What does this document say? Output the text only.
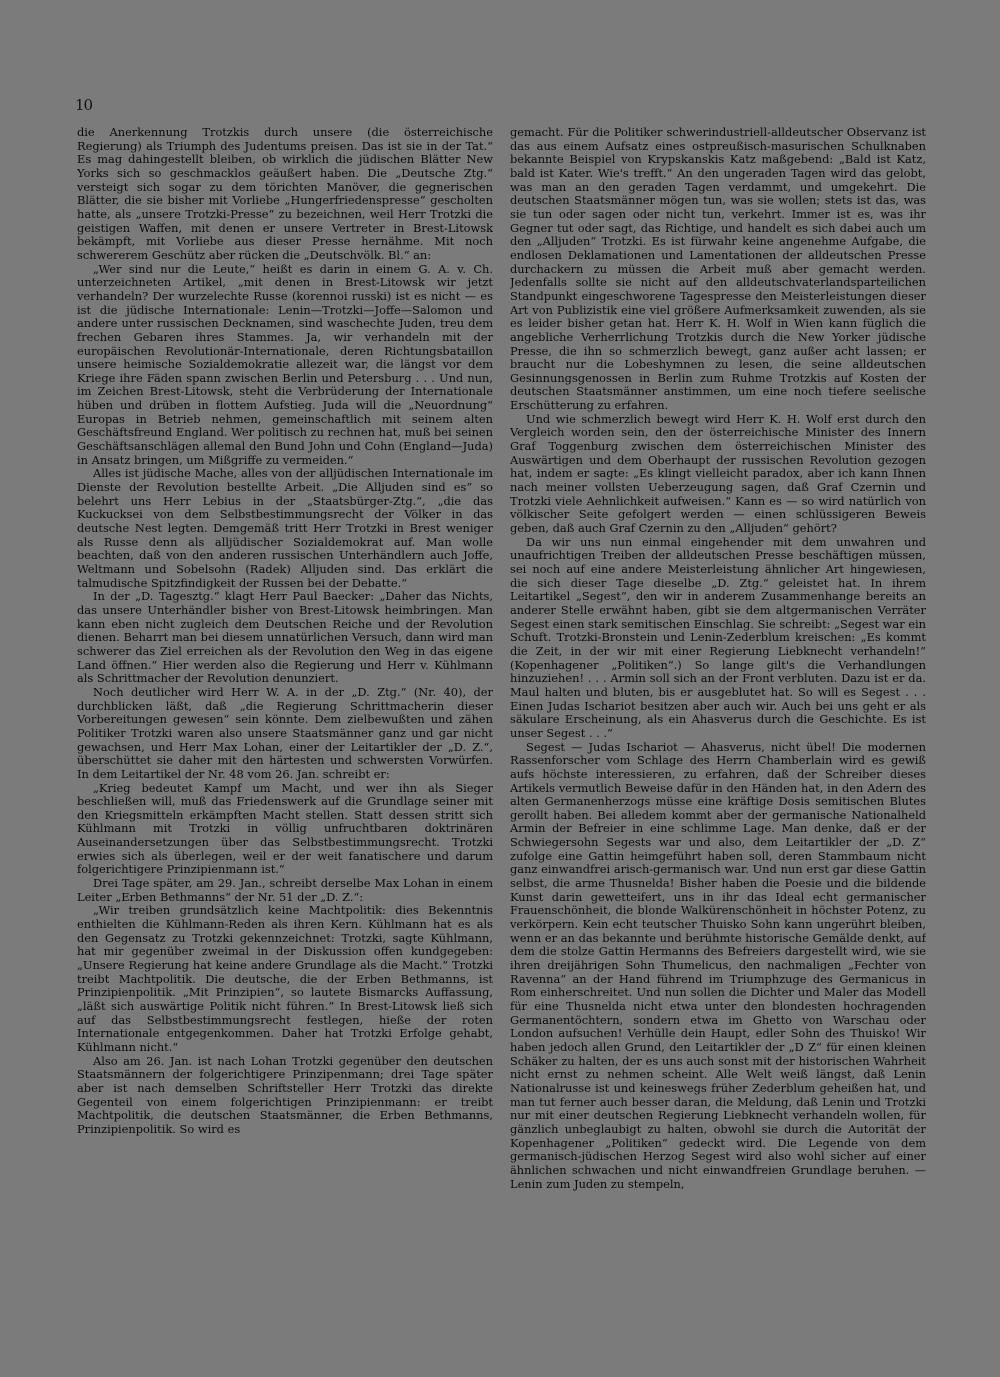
10

die Anerkennung Trotzkis durch unsere (die österreichische Regierung) als Triumph des Judentums preisen. Das ist sie in der Tat.“ Es mag dahingestellt bleiben, ob wirklich die jüdischen Blätter New Yorks sich so geschmacklos geäußert haben. Die „Deutsche Ztg.“ versteigt sich sogar zu dem törichten Manöver, die gegnerischen Blätter, die sie bisher mit Vorliebe „Hungerfriedenspresse“ gescholten hatte, als „unsere Trotzki-Presse“ zu bezeichnen, weil Herr Trotzki die geistigen Waffen, mit denen er unsere Vertreter in Brest-Litowsk bekämpft, mit Vorliebe aus dieser Presse hernähme. Mit noch schwererem Geschütz aber rücken die „Deutschvölk. Bl.“ an:

„Wer sind nur die Leute,“ heißt es darin in einem G. A. v. Ch. unterzeichneten Artikel, „mit denen in Brest-Litowsk wir jetzt verhandeln? Der wurzelechte Russe (korennoi russki) ist es nicht — es ist die jüdische Internationale: Lenin—Trotzki—Joffe—Salomon und andere unter russischen Decknamen, sind waschechte Juden, treu dem frechen Gebaren ihres Stammes. Ja, wir verhandeln mit der europäischen Revolutionär-Internationale, deren Richtungsbataillon unsere heimische Sozialdemokratie allezeit war, die längst vor dem Kriege ihre Fäden spann zwischen Berlin und Petersburg . . . Und nun, im Zeichen Brest-Litowsk, steht die Verbrüderung der Internationale hüben und drüben in flottem Aufstieg. Juda will die „Neuordnung“ Europas in Betrieb nehmen, gemeinschaftlich mit seinem alten Geschäftsfreund England. Wer politisch zu rechnen hat, muß bei seinen Geschäftsanschlägen allemal den Bund John und Cohn (England—Juda) in Ansatz bringen, um Mißgriffe zu vermeiden.“

Alles ist jüdische Mache, alles von der alljüdischen Internationale im Dienste der Revolution bestellte Arbeit. „Die Alljuden sind es“ so belehrt uns Herr Lebius in der „Staatsbürger-Ztg.“, „die das Kuckucksei von dem Selbstbestimmungsrecht der Völker in das deutsche Nest legten. Demgemäß tritt Herr Trotzki in Brest weniger als Russe denn als alljüdischer Sozialdemokrat auf. Man wolle beachten, daß von den anderen russischen Unterhändlern auch Joffe, Weltmann und Sobelsohn (Radek) Alljuden sind. Das erklärt die talmudische Spitzfindigkeit der Russen bei der Debatte.“

In der „D. Tagesztg.“ klagt Herr Paul Baecker: „Daher das Nichts, das unsere Unterhändler bisher von Brest-Litowsk heimbringen. Man kann eben nicht zugleich dem Deutschen Reiche und der Revolution dienen. Beharrt man bei diesem unnatürlichen Versuch, dann wird man schwerer das Ziel erreichen als der Revolution den Weg in das eigene Land öffnen.“ Hier werden also die Regierung und Herr v. Kühlmann als Schrittmacher der Revolution denunziert.

Noch deutlicher wird Herr W. A. in der „D. Ztg.“ (Nr. 40), der durchblicken läßt, daß „die Regierung Schrittmacherin dieser Vorbereitungen gewesen“ sein könnte. Dem zielbewußten und zähen Politiker Trotzki waren also unsere Staatsmänner ganz und gar nicht gewachsen, und Herr Max Lohan, einer der Leitartikler der „D. Z.“, überschüttet sie daher mit den härtesten und schwersten Vorwürfen. In dem Leitartikel der Nr. 48 vom 26. Jan. schreibt er:

„Krieg bedeutet Kampf um Macht, und wer ihn als Sieger beschließen will, muß das Friedenswerk auf die Grundlage seiner mit den Kriegsmitteln erkämpften Macht stellen. Statt dessen stritt sich Kühlmann mit Trotzki in völlig unfruchtbaren doktrinären Auseinandersetzungen über das Selbstbestimmungsrecht. Trotzki erwies sich als überlegen, weil er der weit fanatischere und darum folgerichtigere Prinzipienmann ist.“

Drei Tage später, am 29. Jan., schreibt derselbe Max Lohan in einem Leiter „Erben Bethmanns“ der Nr. 51 der „D. Z.“:

„Wir treiben grundsätzlich keine Machtpolitik: dies Bekenntnis enthielten die Kühlmann-Reden als ihren Kern. Kühlmann hat es als den Gegensatz zu Trotzki gekennzeichnet: Trotzki, sagte Kühlmann, hat mir gegenüber zweimal in der Diskussion offen kundgegeben: „Unsere Regierung hat keine andere Grundlage als die Macht.“ Trotzki treibt Machtpolitik. Die deutsche, die der Erben Bethmanns, ist Prinzipienpolitik. „Mit Prinzipien“, so lautete Bismarcks Auffassung, „läßt sich auswärtige Politik nicht führen.“ In Brest-Litowsk ließ sich auf das Selbstbestimmungsrecht festlegen, hieße der roten Internationale entgegenkommen. Daher hat Trotzki Erfolge gehabt, Kühlmann nicht.“

Also am 26. Jan. ist nach Lohan Trotzki gegenüber den deutschen Staatsmännern der folgerichtigere Prinzipenmann; drei Tage später aber ist nach demselben Schriftsteller Herr Trotzki das direkte Gegenteil von einem folgerichtigen Prinzipienmann: er treibt Machtpolitik, die deutschen Staatsmänner, die Erben Bethmanns, Prinzipienpolitik. So wird es

gemacht. Für die Politiker schwerindustriell-alldeutscher Observanz ist das aus einem Aufsatz eines ostpreußisch-masurischen Schulknaben bekannte Beispiel von Krypskanskis Katz maßgebend: „Bald ist Katz, bald ist Kater. Wie's trefft.“ An den ungeraden Tagen wird das gelobt, was man an den geraden Tagen verdammt, und umgekehrt. Die deutschen Staatsmänner mögen tun, was sie wollen; stets ist das, was sie tun oder sagen oder nicht tun, verkehrt. Immer ist es, was ihr Gegner tut oder sagt, das Richtige, und handelt es sich dabei auch um den „Alljuden“ Trotzki. Es ist fürwahr keine angenehme Aufgabe, die endlosen Deklamationen und Lamentationen der alldeutschen Presse durchackern zu müssen die Arbeit muß aber gemacht werden. Jedenfalls sollte sie nicht auf den alldeutschvaterlandsparteilichen Standpunkt eingeschworene Tagespresse den Meisterleistungen dieser Art von Publizistik eine viel größere Aufmerksamkeit zuwenden, als sie es leider bisher getan hat. Herr K. H. Wolf in Wien kann füglich die angebliche Verherrlichung Trotzkis durch die New Yorker jüdische Presse, die ihn so schmerzlich bewegt, ganz außer acht lassen; er braucht nur die Lobeshymnen zu lesen, die seine alldeutschen Gesinnungsgenossen in Berlin zum Ruhme Trotzkis auf Kosten der deutschen Staatsmänner anstimmen, um eine noch tiefere seelische Erschütterung zu erfahren.

Und wie schmerzlich bewegt wird Herr K. H. Wolf erst durch den Vergleich worden sein, den der österreichische Minister des Innern Graf Toggenburg zwischen dem österreichischen Minister des Auswärtigen und dem Oberhaupt der russischen Revolution gezogen hat, indem er sagte: „Es klingt vielleicht paradox, aber ich kann Ihnen nach meiner vollsten Ueberzeugung sagen, daß Graf Czernin und Trotzki viele Aehnlichkeit aufweisen.“ Kann es — so wird natürlich von völkischer Seite gefolgert werden — einen schlüssigeren Beweis geben, daß auch Graf Czernin zu den „Alljuden“ gehört?

Da wir uns nun einmal eingehender mit dem unwahren und unaufrichtigen Treiben der alldeutschen Presse beschäftigen müssen, sei noch auf eine andere Meisterleistung ähnlicher Art hingewiesen, die sich dieser Tage dieselbe „D. Ztg.“ geleistet hat. In ihrem Leitartikel „Segest“, den wir in anderem Zusammenhange bereits an anderer Stelle erwähnt haben, gibt sie dem altgermanischen Verräter Segest einen stark semitischen Einschlag. Sie schreibt: „Segest war ein Schuft. Trotzki-Bronstein und Lenin-Zederblum kreischen: „Es kommt die Zeit, in der wir mit einer Regierung Liebknecht verhandeln!“ (Kopenhagener „Politiken“.) So lange gilt's die Verhandlungen hinzuziehen! . . . Armin soll sich an der Front verbluten. Dazu ist er da. Maul halten und bluten, bis er ausgeblutet hat. So will es Segest . . . Einen Judas Ischariot besitzen aber auch wir. Auch bei uns geht er als säkulare Erscheinung, als ein Ahasverus durch die Geschichte. Es ist unser Segest . . .“

Segest — Judas Ischariot — Ahasverus, nicht übel! Die modernen Rassenforscher vom Schlage des Herrn Chamberlain wird es gewiß aufs höchste interessieren, zu erfahren, daß der Schreiber dieses Artikels vermutlich Beweise dafür in den Händen hat, in den Adern des alten Germanenherzogs müsse eine kräftige Dosis semitischen Blutes gerollt haben. Bei alledem kommt aber der germanische Nationalheld Armin der Befreier in eine schlimme Lage. Man denke, daß er der Schwiegersohn Segests war und also, dem Leitartikler der „D. Z“ zufolge eine Gattin heimgeführt haben soll, deren Stammbaum nicht ganz einwandfrei arisch-germanisch war. Und nun erst gar diese Gattin selbst, die arme Thusnelda! Bisher haben die Poesie und die bildende Kunst darin gewetteifert, uns in ihr das Ideal echt germanischer Frauenschönheit, die blonde Walkürenschönheit in höchster Potenz, zu verkörpern. Kein echt teutscher Thuisko Sohn kann ungerührt bleiben, wenn er an das bekannte und berühmte historische Gemälde denkt, auf dem die stolze Gattin Hermanns des Befreiers dargestellt wird, wie sie ihren dreijährigen Sohn Thumelicus, den nachmaligen „Fechter von Ravenna“ an der Hand führend im Triumphzuge des Germanicus in Rom einherschreitet. Und nun sollen die Dichter und Maler das Modell für eine Thusnelda nicht etwa unter den blondesten hochragenden Germanentöchtern, sondern etwa im Ghetto von Warschau oder London aufsuchen! Verhülle dein Haupt, edler Sohn des Thuisko! Wir haben jedoch allen Grund, den Leitartikler der „D Z“ für einen kleinen Schäker zu halten, der es uns auch sonst mit der historischen Wahrheit nicht ernst zu nehmen scheint. Alle Welt weiß längst, daß Lenin Nationalrusse ist und keineswegs früher Zederblum geheißen hat, und man tut ferner auch besser daran, die Meldung, daß Lenin und Trotzki nur mit einer deutschen Regierung Liebknecht verhandeln wollen, für gänzlich unbeglaubigt zu halten, obwohl sie durch die Autorität der Kopenhagener „Politiken“ gedeckt wird. Die Legende von dem germanisch-jüdischen Herzog Segest wird also wohl sicher auf einer ähnlichen schwachen und nicht einwandfreien Grundlage beruhen. — Lenin zum Juden zu stempeln,
